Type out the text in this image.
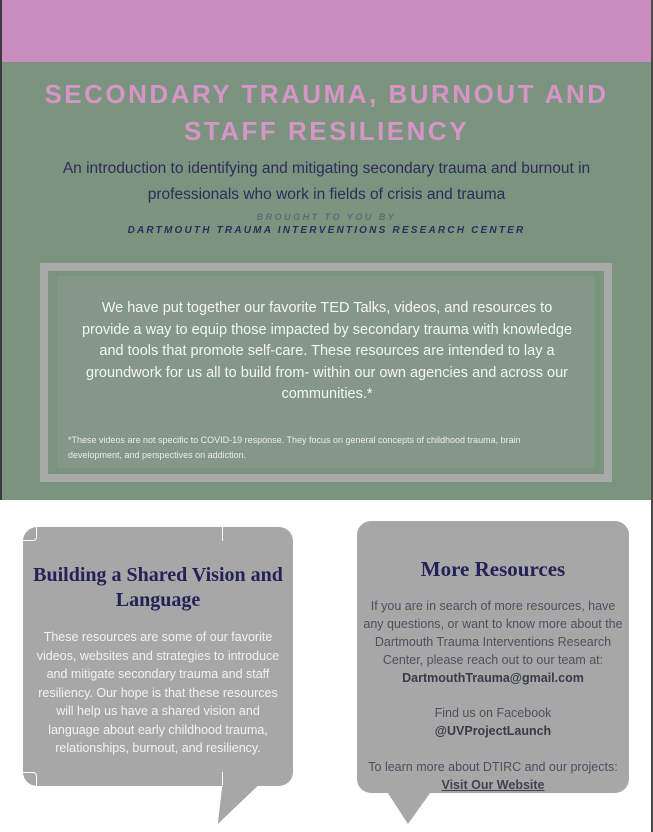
SECONDARY TRAUMA, BURNOUT AND STAFF RESILIENCY
An introduction to identifying and mitigating secondary trauma and burnout in professionals who work in fields of crisis and trauma
BROUGHT TO YOU BY
DARTMOUTH TRAUMA INTERVENTIONS RESEARCH CENTER
We have put together our favorite TED Talks, videos, and resources to provide a way to equip those impacted by secondary trauma with knowledge and tools that promote self-care. These resources are intended to lay a groundwork for us all to build from- within our own agencies and across our communities.*
*These videos are not specific to COVID-19 response. They focus on general concepts of childhood trauma, brain development, and perspectives on addiction.
Building a Shared Vision and Language

These resources are some of our favorite videos, websites and strategies to introduce and mitigate secondary trauma and staff resiliency. Our hope is that these resources will help us have a shared vision and language about early childhood trauma, relationships, burnout, and resiliency.

More Resources

If you are in search of more resources, have any questions, or want to know more about the Dartmouth Trauma Interventions Research Center, please reach out to our team at: DartmouthTrauma@gmail.com

Find us on Facebook
@UVProjectLaunch

To learn more about DTIRC and our projects:
Visit Our Website
